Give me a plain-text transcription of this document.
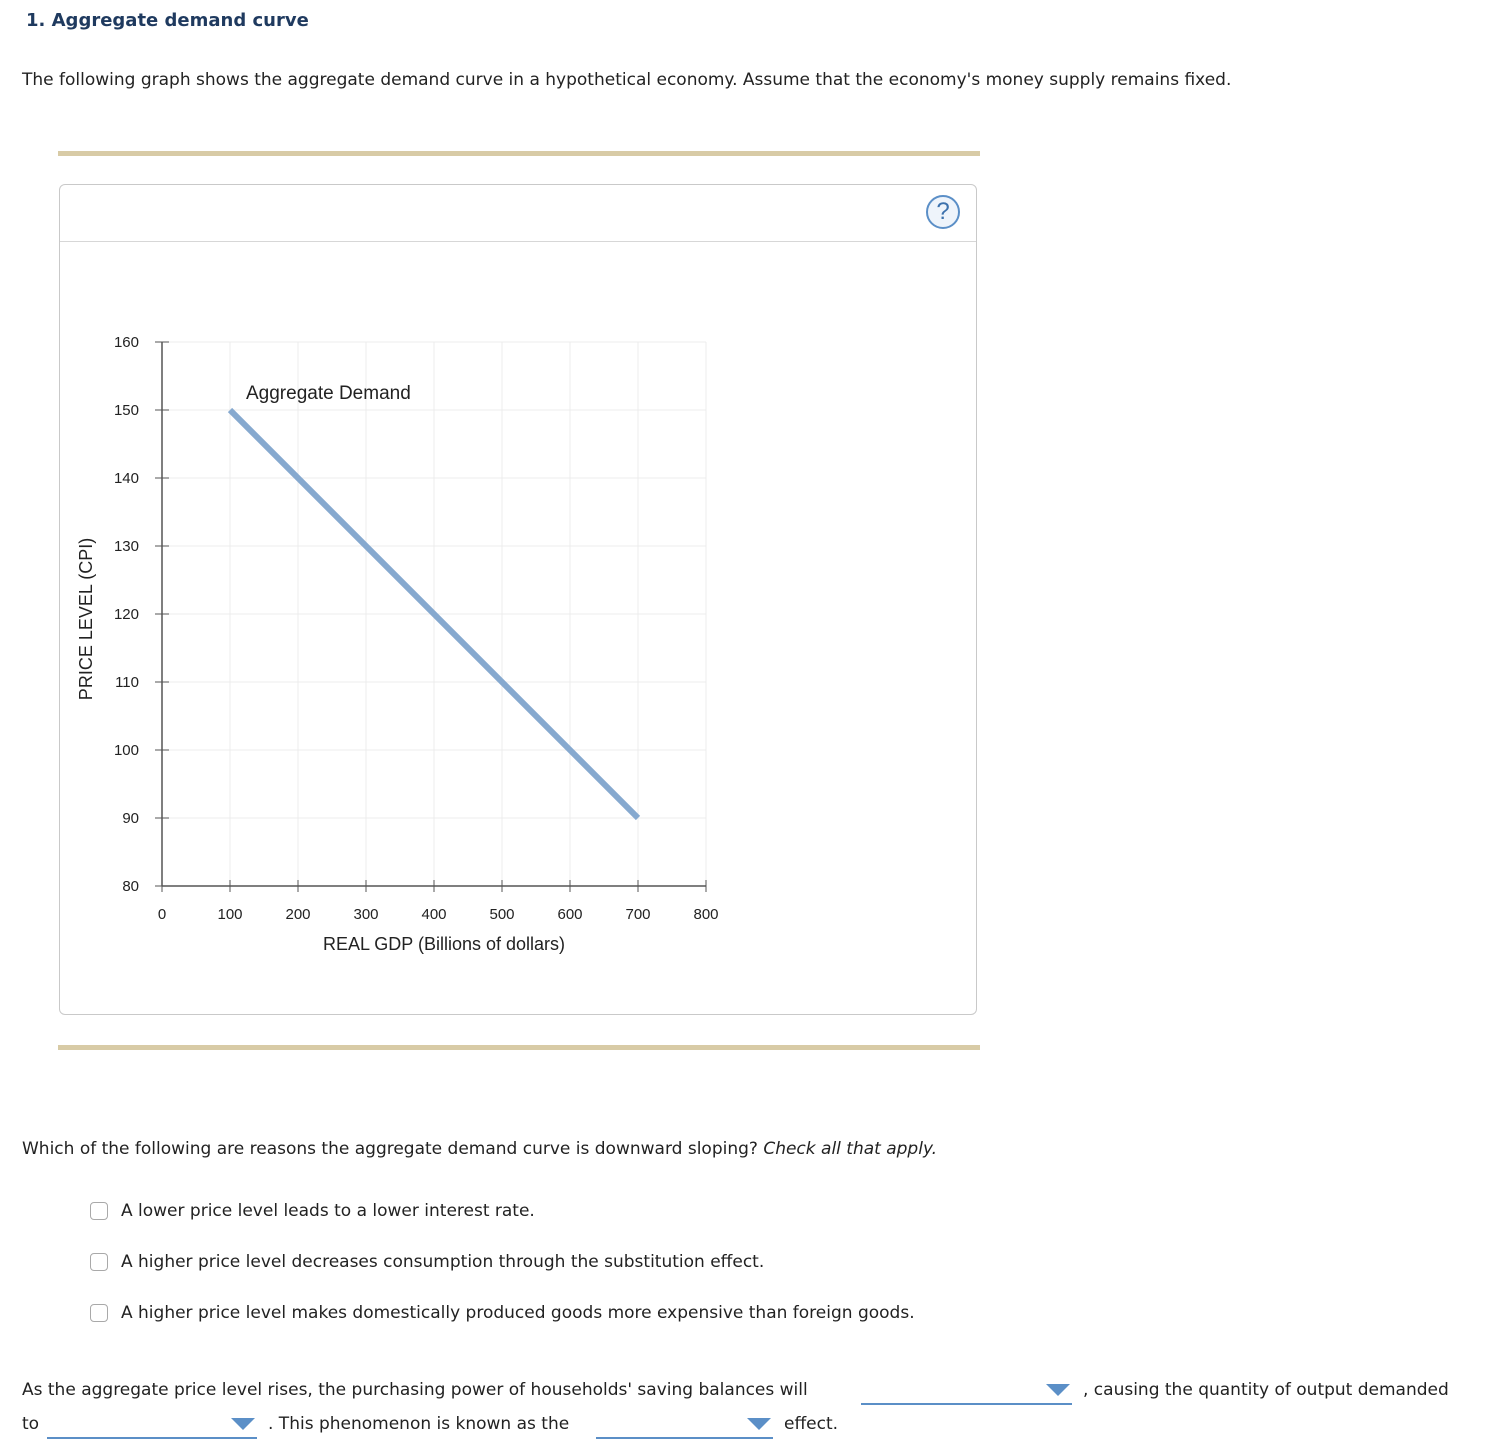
1. Aggregate demand curve
The following graph shows the aggregate demand curve in a hypothetical economy. Assume that the economy's money supply remains fixed.
?
80
90
100
110
120
130
140
150
160
0	100	200	300	400	500	600	700	800
REAL GDP (Billions of dollars)
PRICE LEVEL (CPI)
Aggregate Demand
Which of the following are reasons the aggregate demand curve is downward sloping? Check all that apply.
A lower price level leads to a lower interest rate.
A higher price level decreases consumption through the substitution effect.
A higher price level makes domestically produced goods more expensive than foreign goods.
As the aggregate price level rises, the purchasing power of households' saving balances will	, causing the quantity of output demanded
to	. This phenomenon is known as the	effect.
